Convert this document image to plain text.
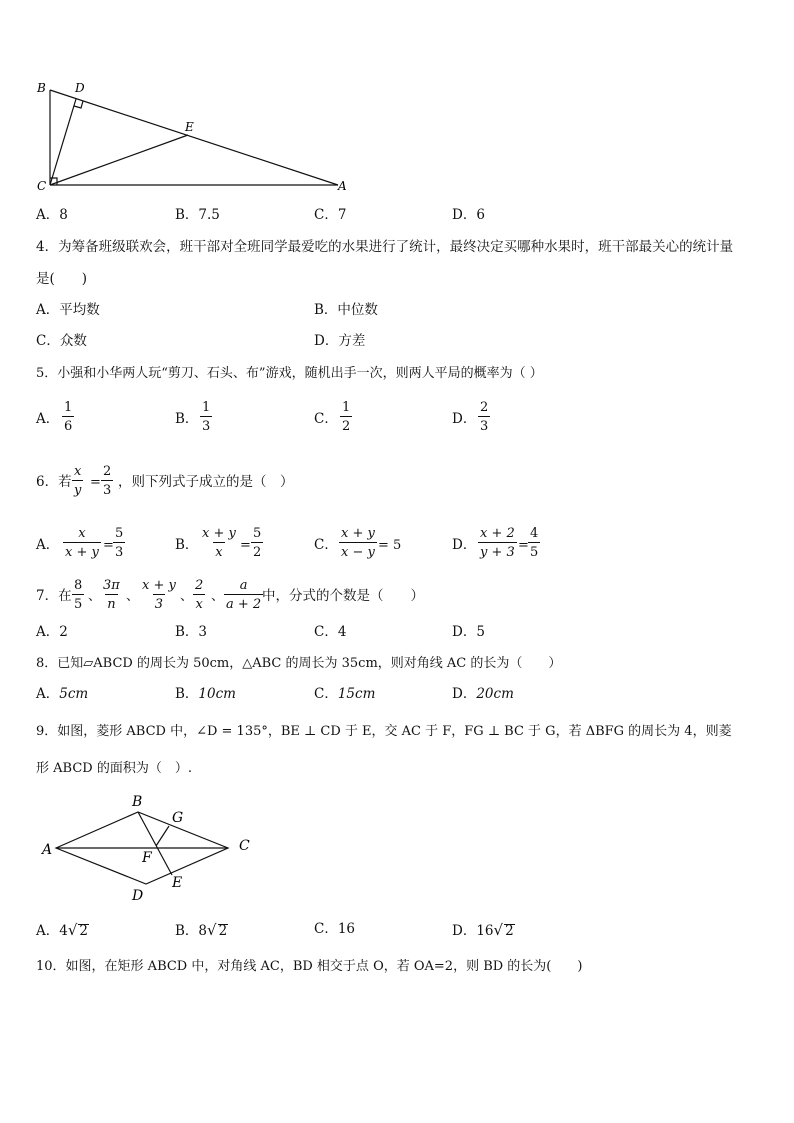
B D
E
C	A
A．8	B．7.5	C．7	D．6
4．为筹备班级联欢会，班干部对全班同学最爱吃的水果进行了统计，最终决定买哪种水果时，班干部最关心的统计量
是(　　)
A．平均数	B．中位数
C．众数	D．方差
5．小强和小华两人玩“剪刀、石头、布”游戏，随机出手一次，则两人平局的概率为（ ）
A． $\frac{1}{6}$	B． $\frac{1}{3}$	C． $\frac{1}{2}$	D． $\frac{2}{3}$
6．若 $\frac{x}{y} = \frac{2}{3}$ ，则下列式子成立的是（　）
A． $\frac{x}{x + y} = \frac{5}{3}$	B． $\frac{x + y}{x} = \frac{5}{2}$	C． $\frac{x + y}{x - y} = 5$	D． $\frac{x + 2}{y + 3} = \frac{4}{5}$
7．在 $\frac{8}{5}$ 、 $\frac{3\pi}{n}$ 、 $\frac{x + y}{3}$ 、 $\frac{2}{x}$ 、 $\frac{a}{a + 2}$
中，分式的个数是（　　）
A．2	B．3	C．4	D．5
8．已知▱ABCD 的周长为 50cm，△ABC 的周长为 35cm，则对角线 AC 的长为（　　）
A．5cm	B．10cm	C．15cm	D．20cm
9．如图，菱形 ABCD 中，∠D = 135°，BE ⊥ CD 于 E，交 AC 于 F，FG ⊥ BC 于 G，若 ΔBFG 的周长为 4，则菱
形 ABCD 的面积为（　）.
A
B
C
D
E
F
G
A．4√ 2	B．8√ 2	C．16	D．16√ 2
10．如图，在矩形 ABCD 中，对角线 AC，BD 相交于点 O，若 OA=2，则 BD 的长为(　　)
